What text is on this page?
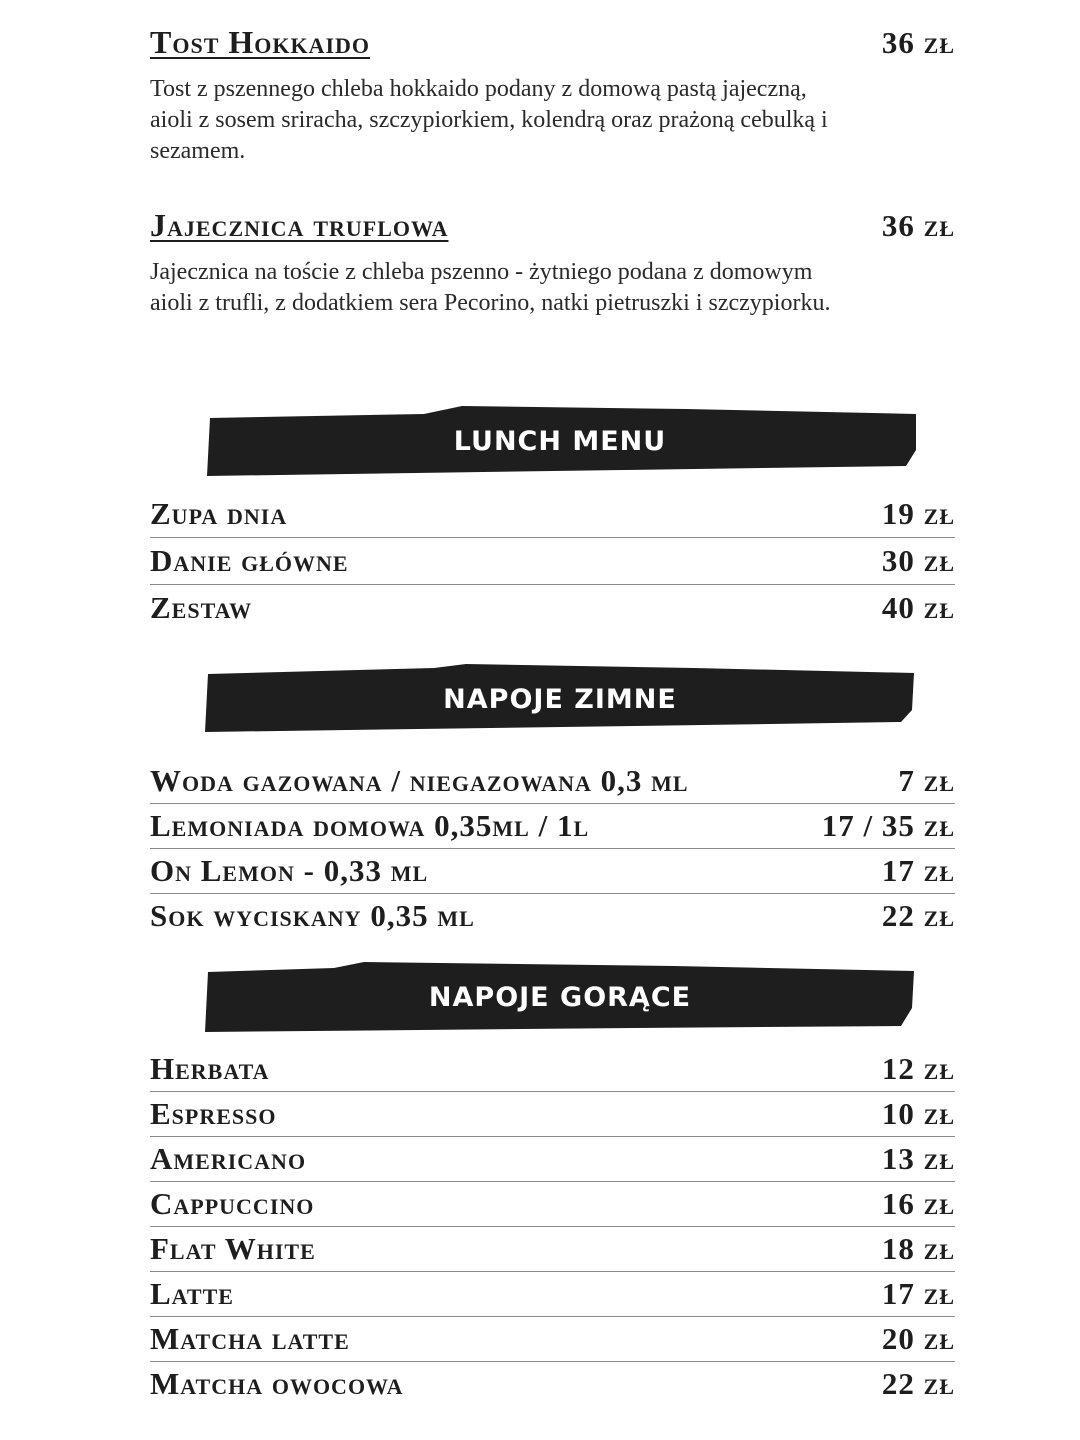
Tost Hokkaido	36 zł

Tost z pszennego chleba hokkaido podany z domową pastą jajeczną, aioli z sosem sriracha, szczypiorkiem, kolendrą oraz prażoną cebulką i sezamem.

Jajecznica truflowa	36 zł

Jajecznica na toście z chleba pszenno - żytniego podana z domowym aioli z trufli, z dodatkiem sera Pecorino, natki pietruszki i szczypiorku.

LUNCH MENU
Zupa dnia	19 zł
Danie główne	30 zł
Zestaw	40 zł
NAPOJE ZIMNE
Woda gazowana / niegazowana 0,3 ml	7 zł
Lemoniada domowa 0,35ml / 1l	17 / 35 zł
On Lemon - 0,33 ml	17 zł
Sok wyciskany 0,35 ml	22 zł
NAPOJE GORĄCE
Herbata	12 zł
Espresso	10 zł
Americano	13 zł
Cappuccino	16 zł
Flat White	18 zł
Latte	17 zł
Matcha latte	20 zł
Matcha owocowa	22 zł
